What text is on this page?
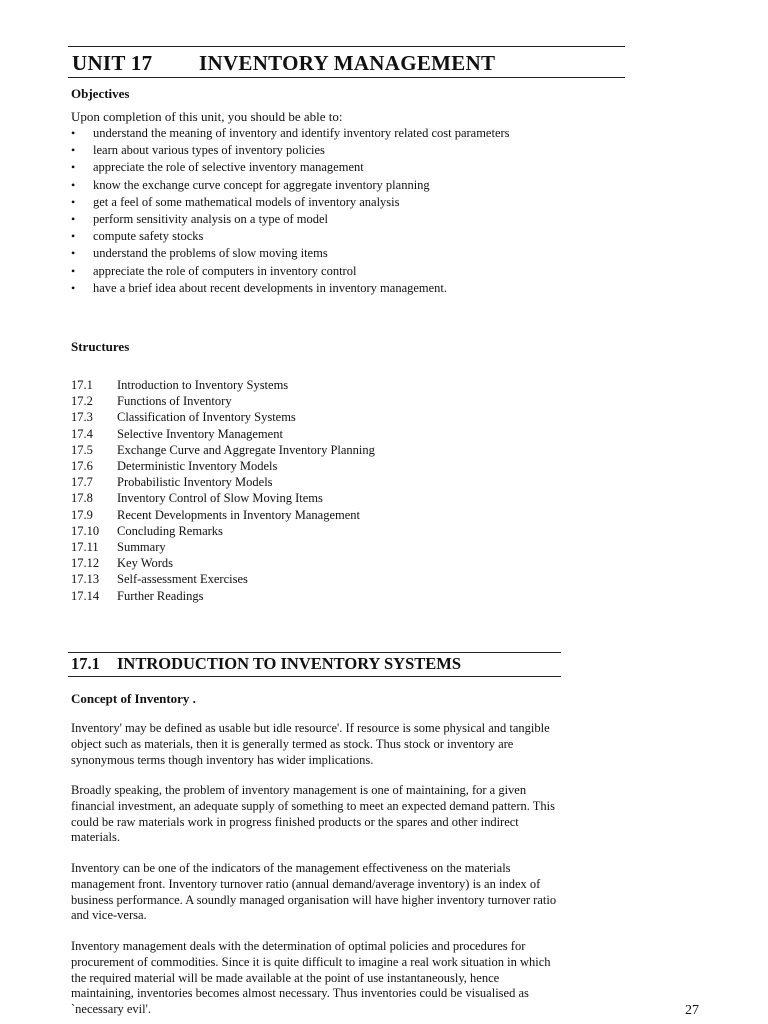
UNIT 17 INVENTORY MANAGEMENT
Objectives
Upon completion of this unit, you should be able to:
• understand the meaning of inventory and identify inventory related cost parameters
• learn about various types of inventory policies
• appreciate the role of selective inventory management
• know the exchange curve concept for aggregate inventory planning
• get a feel of some mathematical models of inventory analysis
• perform sensitivity analysis on a type of model
• compute safety stocks
• understand the problems of slow moving items
• appreciate the role of computers in inventory control
• have a brief idea about recent developments in inventory management.
Structures
17.1 Introduction to Inventory Systems
17.2 Functions of Inventory
17.3 Classification of Inventory Systems
17.4 Selective Inventory Management
17.5 Exchange Curve and Aggregate Inventory Planning
17.6 Deterministic Inventory Models
17.7 Probabilistic Inventory Models
17.8 Inventory Control of Slow Moving Items
17.9 Recent Developments in Inventory Management
17.10 Concluding Remarks
17.11 Summary
17.12 Key Words
17.13 Self-assessment Exercises
17.14 Further Readings
17.1 INTRODUCTION TO INVENTORY SYSTEMS
Concept of Inventory .

Inventory' may be defined as usable but idle resource'. If resource is some physical and tangible object such as materials, then it is generally termed as stock. Thus stock or inventory are synonymous terms though inventory has wider implications.

Broadly speaking, the problem of inventory management is one of maintaining, for a given financial investment, an adequate supply of something to meet an expected demand pattern. This could be raw materials work in progress finished products or the spares and other indirect materials.

Inventory can be one of the indicators of the management effectiveness on the materials management front. Inventory turnover ratio (annual demand/average inventory) is an index of business performance. A soundly managed organisation will have higher inventory turnover ratio and vice-versa.

Inventory management deals with the determination of optimal policies and procedures for procurement of commodities. Since it is quite difficult to imagine a real work situation in which the required material will be made available at the point of use instantaneously, hence maintaining, inventories becomes almost necessary. Thus inventories could be visualised as `necessary evil'.	27
